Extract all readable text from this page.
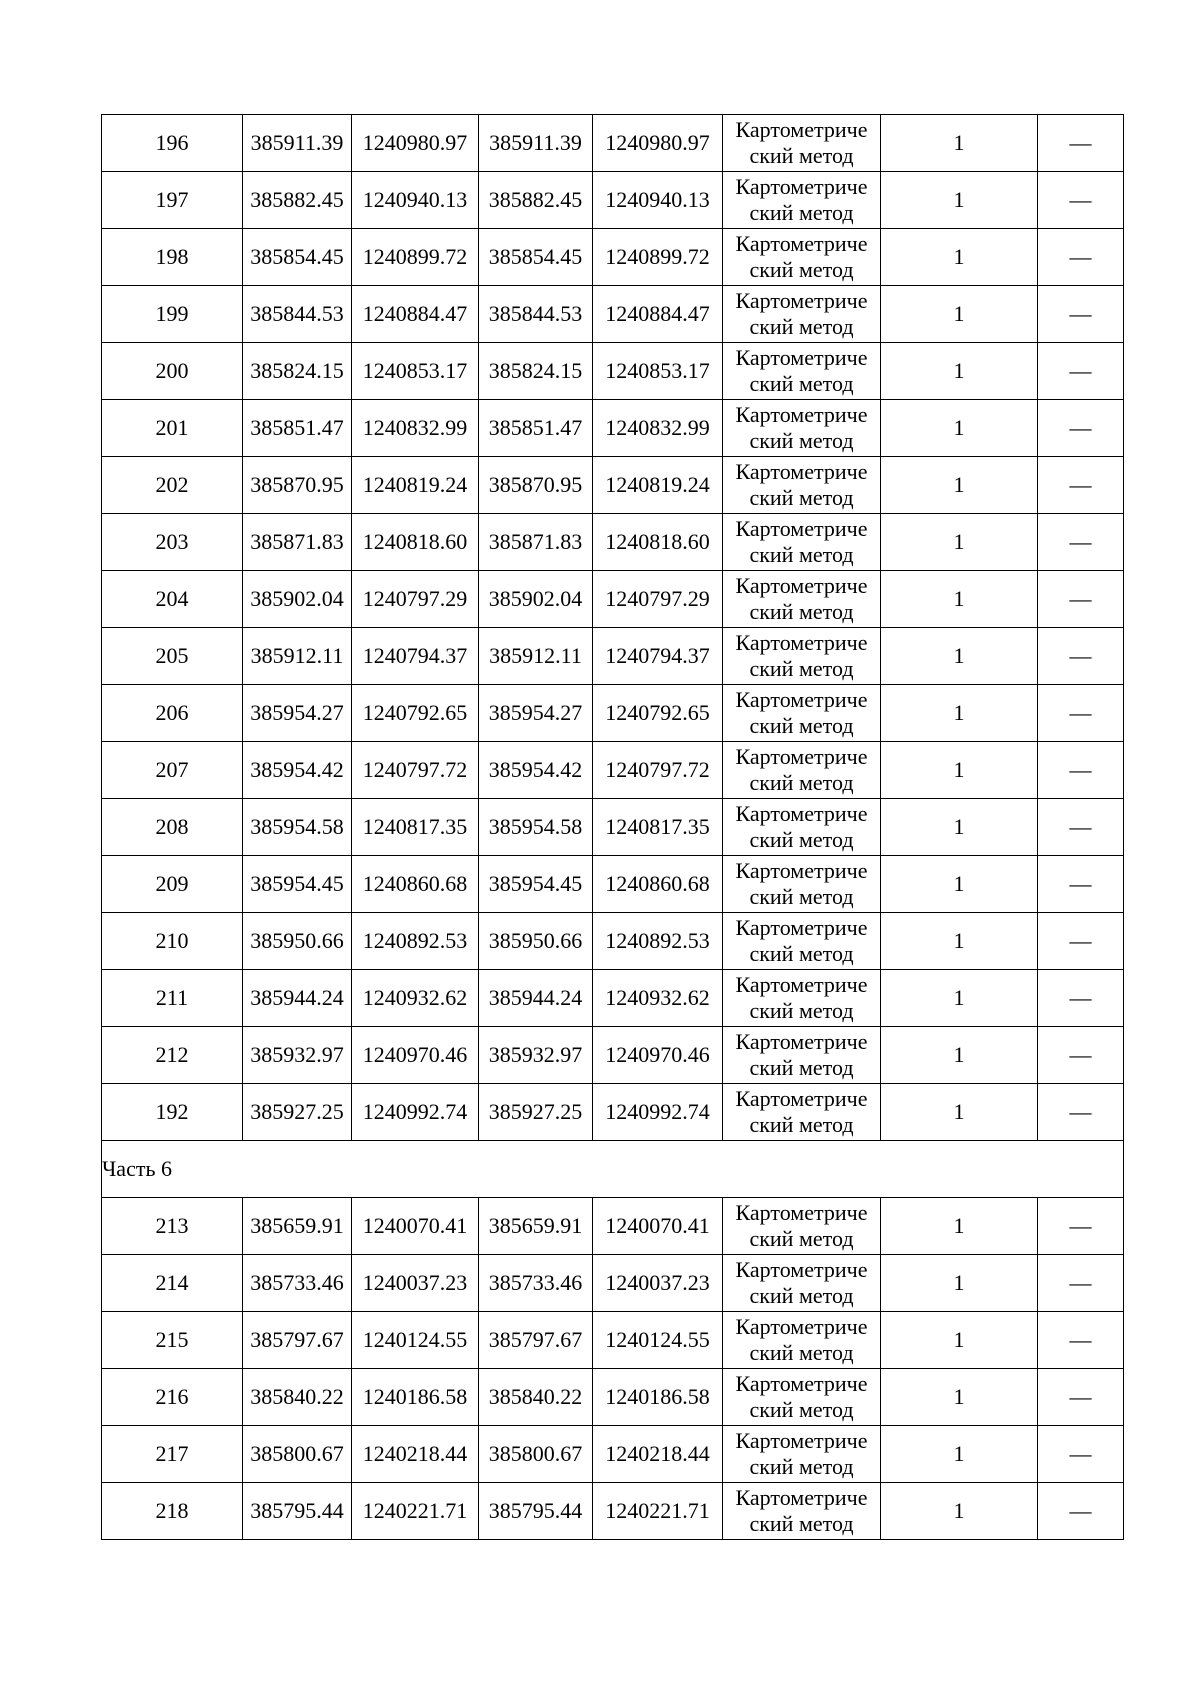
196	385911.39	1240980.97	385911.39	1240980.97	Картометриче
ский метод	1	—
197	385882.45	1240940.13	385882.45	1240940.13	Картометриче
ский метод	1	—
198	385854.45	1240899.72	385854.45	1240899.72	Картометриче
ский метод	1	—
199	385844.53	1240884.47	385844.53	1240884.47	Картометриче
ский метод	1	—
200	385824.15	1240853.17	385824.15	1240853.17	Картометриче
ский метод	1	—
201	385851.47	1240832.99	385851.47	1240832.99	Картометриче
ский метод	1	—
202	385870.95	1240819.24	385870.95	1240819.24	Картометриче
ский метод	1	—
203	385871.83	1240818.60	385871.83	1240818.60	Картометриче
ский метод	1	—
204	385902.04	1240797.29	385902.04	1240797.29	Картометриче
ский метод	1	—
205	385912.11	1240794.37	385912.11	1240794.37	Картометриче
ский метод	1	—
206	385954.27	1240792.65	385954.27	1240792.65	Картометриче
ский метод	1	—
207	385954.42	1240797.72	385954.42	1240797.72	Картометриче
ский метод	1	—
208	385954.58	1240817.35	385954.58	1240817.35	Картометриче
ский метод	1	—
209	385954.45	1240860.68	385954.45	1240860.68	Картометриче
ский метод	1	—
210	385950.66	1240892.53	385950.66	1240892.53	Картометриче
ский метод	1	—
211	385944.24	1240932.62	385944.24	1240932.62	Картометриче
ский метод	1	—
212	385932.97	1240970.46	385932.97	1240970.46	Картометриче
ский метод	1	—
192	385927.25	1240992.74	385927.25	1240992.74	Картометриче
ский метод	1	—
Часть 6							
213	385659.91	1240070.41	385659.91	1240070.41	Картометриче
ский метод	1	—
214	385733.46	1240037.23	385733.46	1240037.23	Картометриче
ский метод	1	—
215	385797.67	1240124.55	385797.67	1240124.55	Картометриче
ский метод	1	—
216	385840.22	1240186.58	385840.22	1240186.58	Картометриче
ский метод	1	—
217	385800.67	1240218.44	385800.67	1240218.44	Картометриче
ский метод	1	—
218	385795.44	1240221.71	385795.44	1240221.71	Картометриче
ский метод	1	—
